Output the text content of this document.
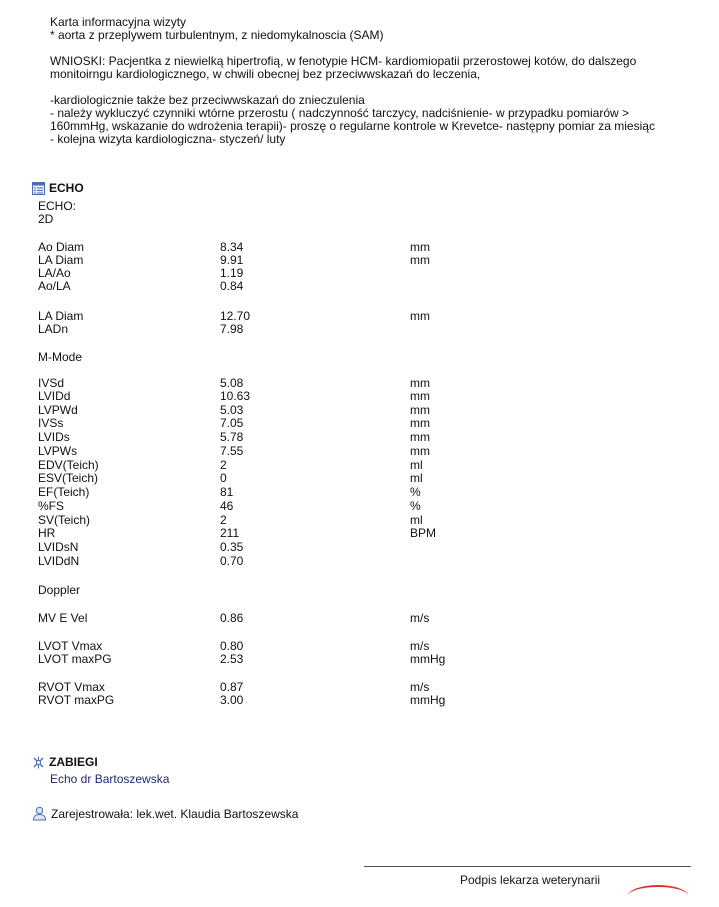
Karta informacyjna wizyty

* aorta z przeplywem turbulentnym, z niedomykalnoscia (SAM)

WNIOSKI: Pacjentka z niewielką hipertrofią, w fenotypie HCM- kardiomiopatii przerostowej kotów, do dalszego

monitoirngu kardiologicznego, w chwili obecnej bez przeciwwskazań do leczenia,

-kardiologicznie także bez przeciwwskazań do znieczulenia

- należy wykluczyć czynniki wtórne przerostu ( nadczynność tarczycy, nadciśnienie- w przypadku pomiarów >

160mmHg, wskazanie do wdrożenia terapii)- proszę o regularne kontrole w Krevetce- następny pomiar za miesiąc

- kolejna wizyta kardiologiczna- styczeń/ luty

ECHO
ECHO:
2D
Ao Diam	8.34	mm
LA Diam	9.91	mm
LA/Ao	1.19
Ao/LA	0.84
LA Diam	12.70	mm
LADn	7.98
M-Mode
IVSd	5.08	mm
LVIDd	10.63	mm
LVPWd	5.03	mm
IVSs	7.05	mm
LVIDs	5.78	mm
LVPWs	7.55	mm
EDV(Teich)	2	ml
ESV(Teich)	0	ml
EF(Teich)	81	%
%FS	46	%
SV(Teich)	2	ml
HR	211	BPM
LVIDsN	0.35
LVIDdN	0.70
Doppler
MV E Vel	0.86	m/s
LVOT Vmax	0.80	m/s
LVOT maxPG	2.53	mmHg
RVOT Vmax	0.87	m/s
RVOT maxPG	3.00	mmHg
ZABIEGI
Echo dr Bartoszewska
Zarejestrowała: lek.wet. Klaudia Bartoszewska
Podpis lekarza weterynarii
